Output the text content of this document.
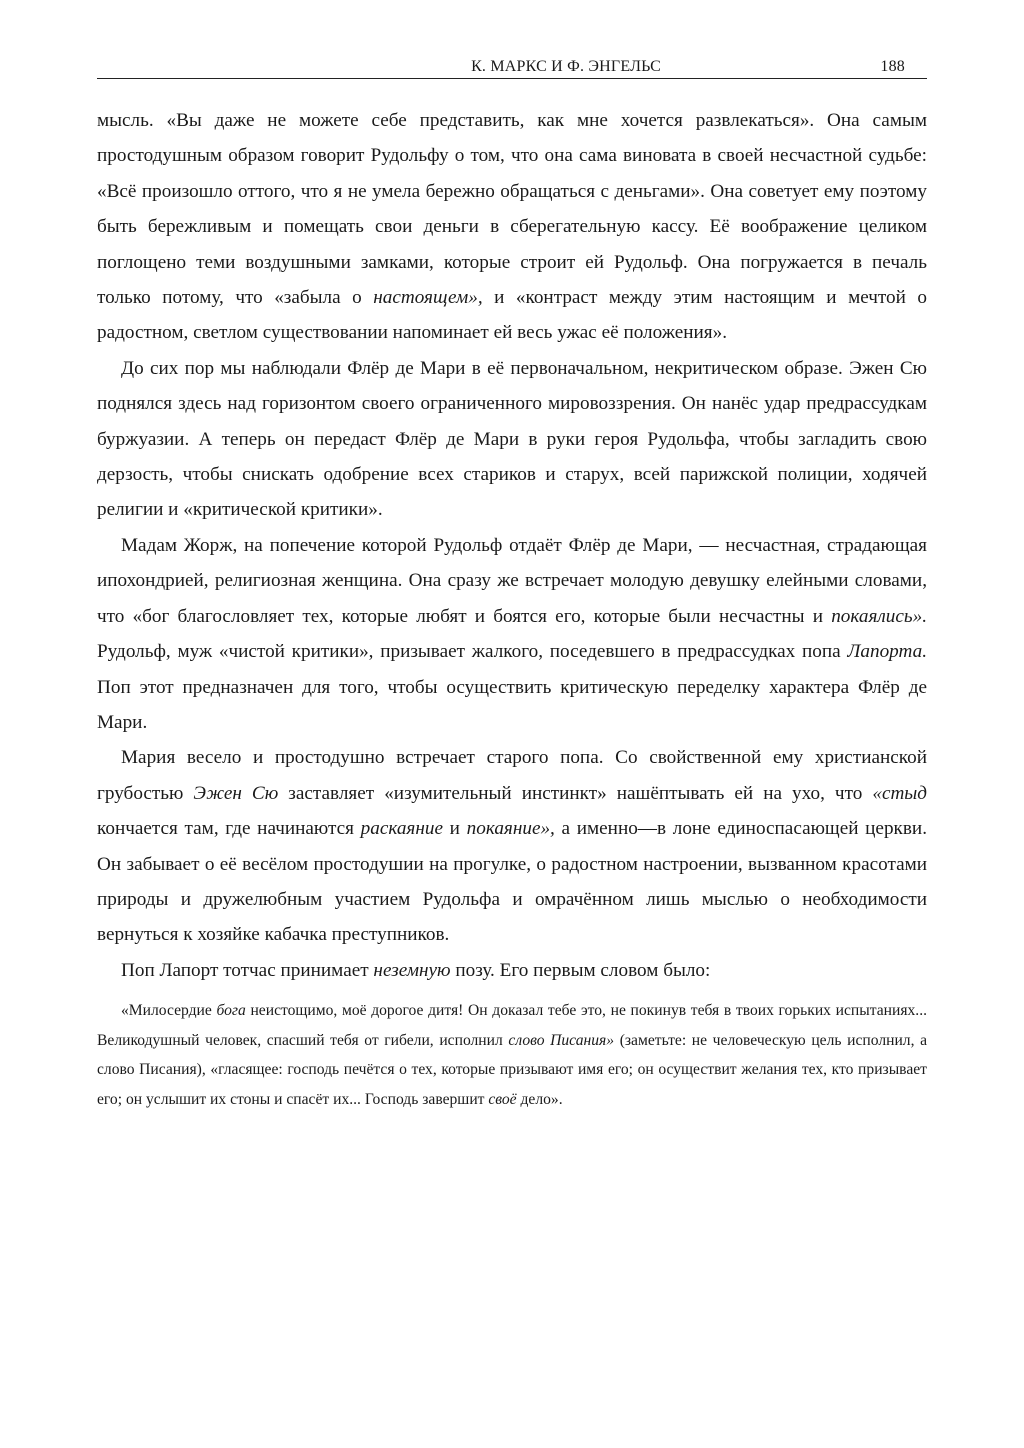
К. МАРКС И Ф. ЭНГЕЛЬС	188

мысль. «Вы даже не можете себе представить, как мне хочется развлекаться». Она самым простодушным образом говорит Рудольфу о том, что она сама виновата в своей несчастной судьбе: «Всё произошло оттого, что я не умела бережно обращаться с деньгами». Она советует ему поэтому быть бережливым и помещать свои деньги в сберегательную кассу. Её воображение целиком поглощено теми воздушными замками, которые строит ей Рудольф. Она погружается в печаль только потому, что «забыла о настоящем», и «контраст между этим настоящим и мечтой о радостном, светлом существовании напоминает ей весь ужас её положения».

До сих пор мы наблюдали Флёр де Мари в её первоначальном, некритическом образе. Эжен Сю поднялся здесь над горизонтом своего ограниченного мировоззрения. Он нанёс удар предрассудкам буржуазии. А теперь он передаст Флёр де Мари в руки героя Рудольфа, чтобы загладить свою дерзость, чтобы снискать одобрение всех стариков и старух, всей парижской полиции, ходячей религии и «критической критики».

Мадам Жорж, на попечение которой Рудольф отдаёт Флёр де Мари, — несчастная, страдающая ипохондрией, религиозная женщина. Она сразу же встречает молодую девушку елейными словами, что «бог благословляет тех, которые любят и боятся его, которые были несчастны и покаялись». Рудольф, муж «чистой критики», призывает жалкого, поседевшего в предрассудках попа Лапорта. Поп этот предназначен для того, чтобы осуществить критическую переделку характера Флёр де Мари.

Мария весело и простодушно встречает старого попа. Со свойственной ему христианской грубостью Эжен Сю заставляет «изумительный инстинкт» нашёптывать ей на ухо, что «стыд кончается там, где начинаются раскаяние и покаяние», а именно—в лоне единоспасающей церкви. Он забывает о её весёлом простодушии на прогулке, о радостном настроении, вызванном красотами природы и дружелюбным участием Рудольфа и омрачённом лишь мыслью о необходимости вернуться к хозяйке кабачка преступников.

Поп Лапорт тотчас принимает неземную позу. Его первым словом было:

«Милосердие бога неистощимо, моё дорогое дитя! Он доказал тебе это, не покинув тебя в твоих горьких испытаниях... Великодушный человек, спасший тебя от гибели, исполнил слово Писания» (заметьте: не человеческую цель исполнил, а слово Писания), «гласящее: господь печётся о тех, которые призывают имя его; он осуществит желания тех, кто призывает его; он услышит их стоны и спасёт их... Господь завершит своё дело».
